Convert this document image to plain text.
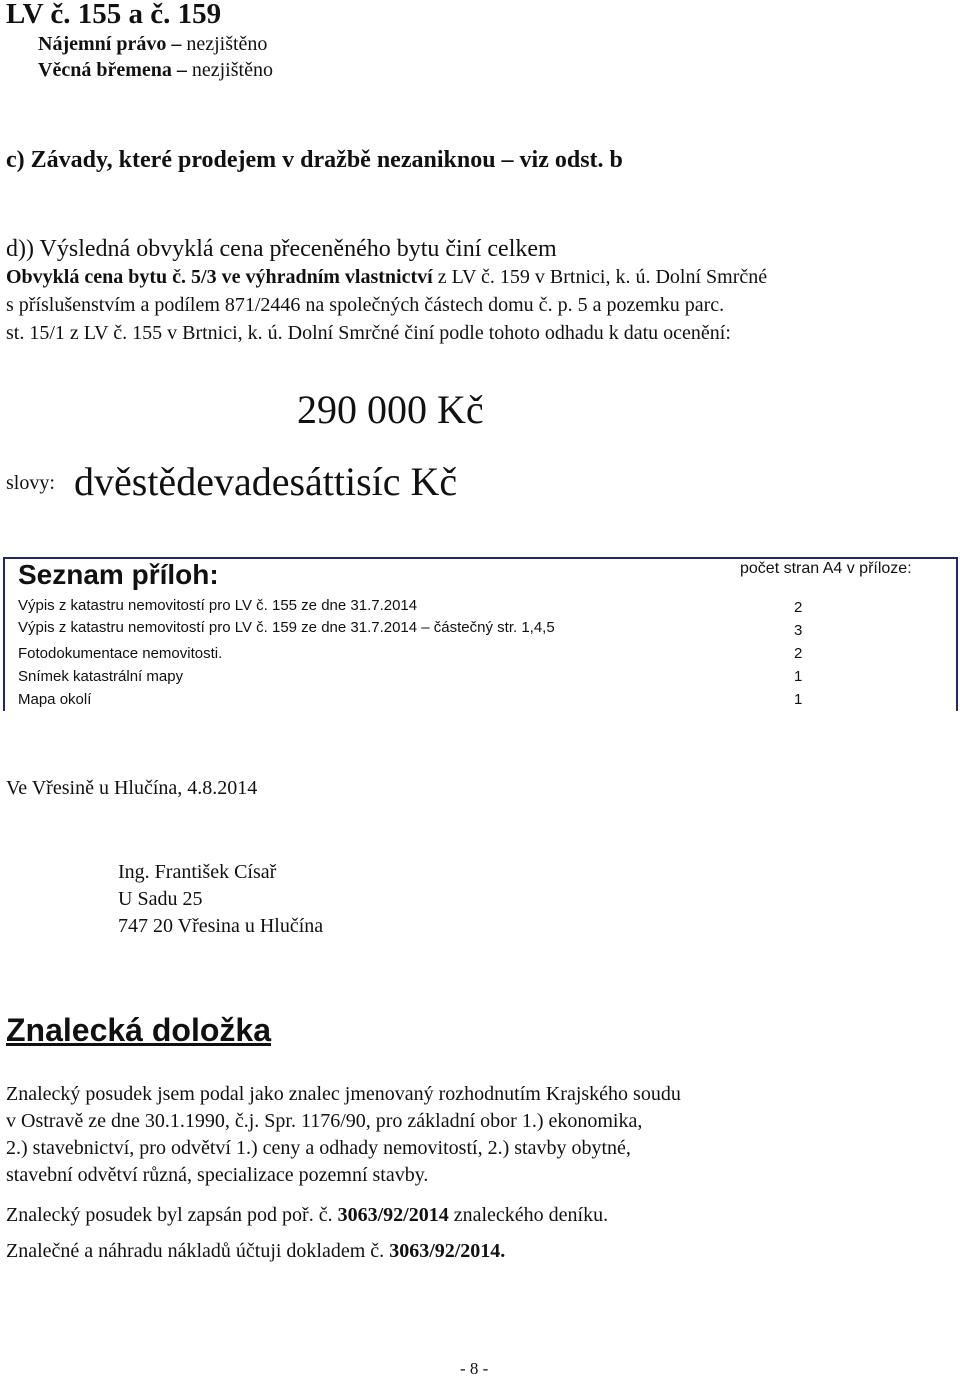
LV č. 155 a č. 159
Nájemní právo – nezjištěno
Věcná břemena – nezjištěno
c) Závady, které prodejem v dražbě nezaniknou – viz odst. b
d)) Výsledná obvyklá cena přeceněného bytu činí celkem
Obvyklá cena bytu č. 5/3 ve výhradním vlastnictví z LV č. 159 v Brtnici, k. ú. Dolní Smrčné
s příslušenstvím a podílem 871/2446 na společných částech domu č. p. 5 a pozemku parc.
st. 15/1 z LV č. 155 v Brtnici, k. ú. Dolní Smrčné činí podle tohoto odhadu k datu ocenění:
290 000 Kč
slovy: dvěstědevadesáttisíc Kč
Seznam příloh:	počet stran A4 v příloze:
Výpis z katastru nemovitostí pro LV č. 155 ze dne 31.7.2014	2
Výpis z katastru nemovitostí pro LV č. 159 ze dne 31.7.2014 – částečný str. 1,4,5	3
Fotodokumentace nemovitosti.	2
Snímek katastrální mapy	1
Mapa okolí	1
Ve Vřesině u Hlučína, 4.8.2014
Ing. František Císař
U Sadu 25
747 20 Vřesina u Hlučína
Znalecká doložka
Znalecký posudek jsem podal jako znalec jmenovaný rozhodnutím Krajského soudu
v Ostravě ze dne 30.1.1990, č.j. Spr. 1176/90, pro základní obor 1.) ekonomika,
2.) stavebnictví, pro odvětví 1.) ceny a odhady nemovitostí, 2.) stavby obytné,
stavební odvětví různá, specializace pozemní stavby.
Znalecký posudek byl zapsán pod poř. č. 3063/92/2014 znaleckého deníku.
Znalečné a náhradu nákladů účtuji dokladem č. 3063/92/2014.
- 8 -
